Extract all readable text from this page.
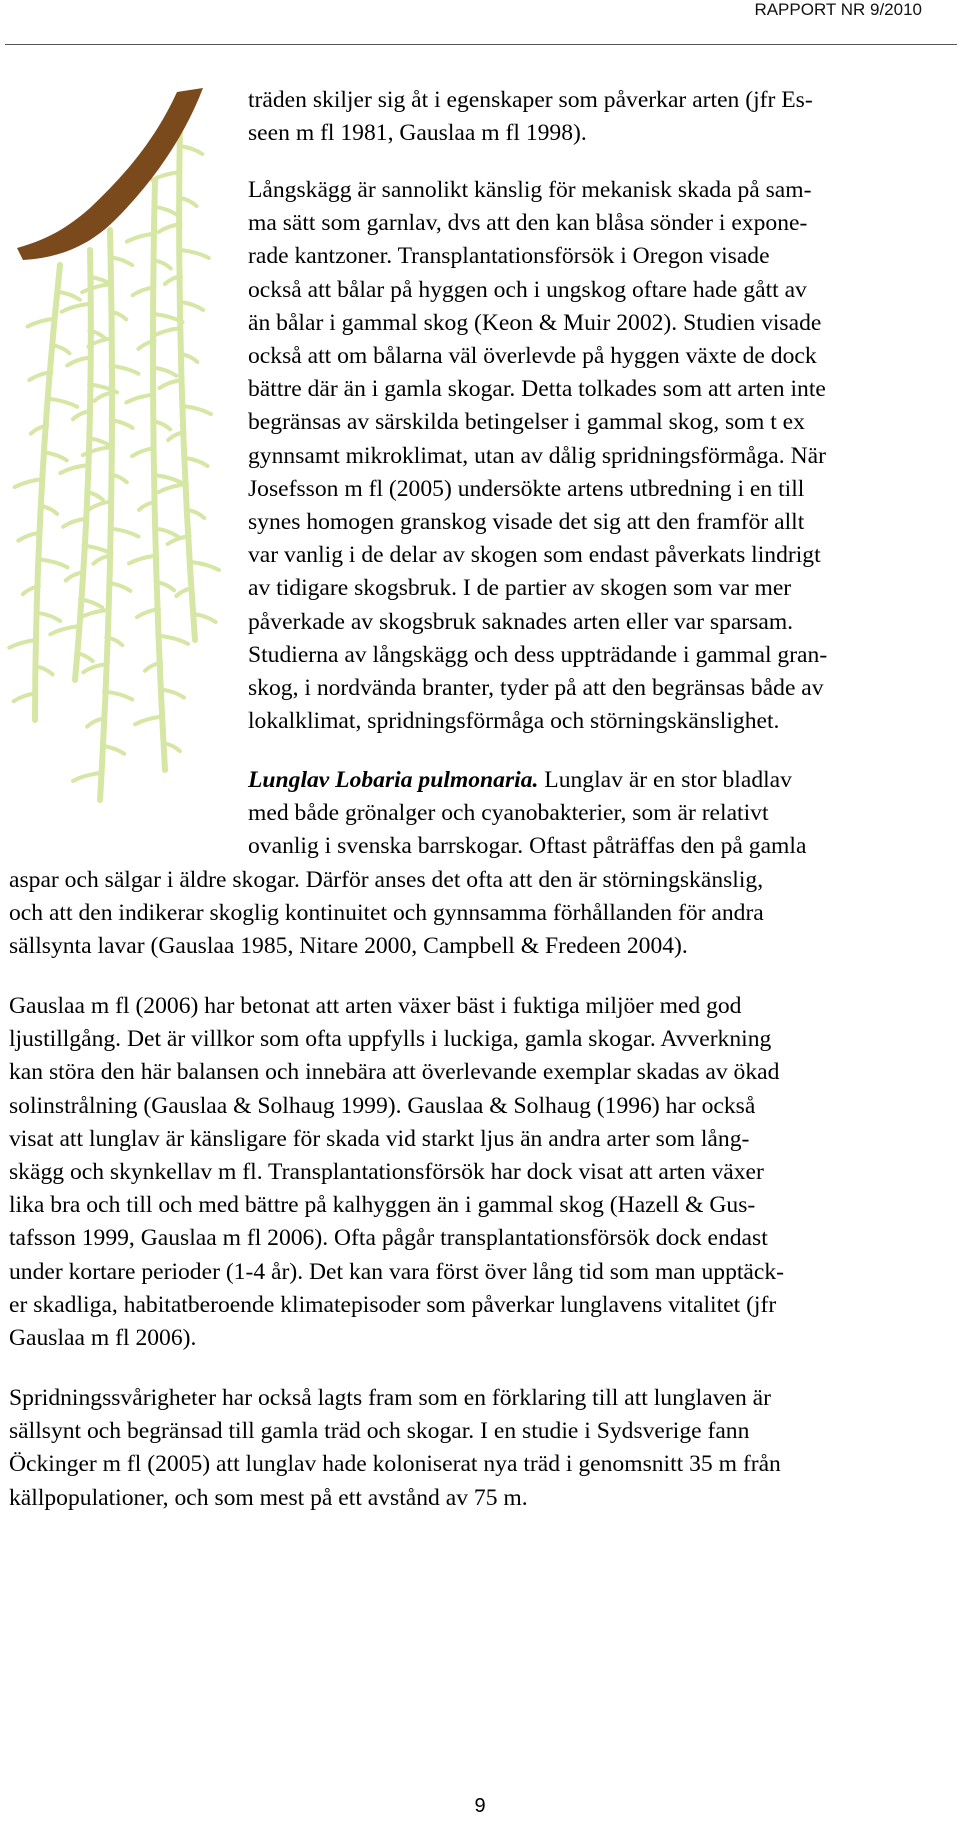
RAPPORT NR 9/2010
träden skiljer sig åt i egenskaper som påverkar arten (jfr Es-
seen m fl 1981, Gauslaa m fl 1998).
Långskägg är sannolikt känslig för mekanisk skada på sam-
ma sätt som garnlav, dvs att den kan blåsa sönder i expone-
rade kantzoner. Transplantationsförsök i Oregon visade
också att bålar på hyggen och i ungskog oftare hade gått av
än bålar i gammal skog (Keon & Muir 2002). Studien visade
också att om bålarna väl överlevde på hyggen växte de dock
bättre där än i gamla skogar. Detta tolkades som att arten inte
begränsas av särskilda betingelser i gammal skog, som t ex
gynnsamt mikroklimat, utan av dålig spridningsförmåga. När
Josefsson m fl (2005) undersökte artens utbredning i en till
synes homogen granskog visade det sig att den framför allt
var vanlig i de delar av skogen som endast påverkats lindrigt
av tidigare skogsbruk. I de partier av skogen som var mer
påverkade av skogsbruk saknades arten eller var sparsam.
Studierna av långskägg och dess uppträdande i gammal gran-
skog, i nordvända branter, tyder på att den begränsas både av
lokalklimat, spridningsförmåga och störningskänslighet.
Lunglav Lobaria pulmonaria. Lunglav är en stor bladlav
med både grönalger och cyanobakterier, som är relativt
ovanlig i svenska barrskogar. Oftast påträffas den på gamla
aspar och sälgar i äldre skogar. Därför anses det ofta att den är störningskänslig,
och att den indikerar skoglig kontinuitet och gynnsamma förhållanden för andra
sällsynta lavar (Gauslaa 1985, Nitare 2000, Campbell & Fredeen 2004).
Gauslaa m fl (2006) har betonat att arten växer bäst i fuktiga miljöer med god
ljustillgång. Det är villkor som ofta uppfylls i luckiga, gamla skogar. Avverkning
kan störa den här balansen och innebära att överlevande exemplar skadas av ökad
solinstrålning (Gauslaa & Solhaug 1999). Gauslaa & Solhaug (1996) har också
visat att lunglav är känsligare för skada vid starkt ljus än andra arter som lång-
skägg och skynkellav m fl. Transplantationsförsök har dock visat att arten växer
lika bra och till och med bättre på kalhyggen än i gammal skog (Hazell & Gus-
tafsson 1999, Gauslaa m fl 2006). Ofta pågår transplantationsförsök dock endast
under kortare perioder (1-4 år). Det kan vara först över lång tid som man upptäck-
er skadliga, habitatberoende klimatepisoder som påverkar lunglavens vitalitet (jfr
Gauslaa m fl 2006).
Spridningssvårigheter har också lagts fram som en förklaring till att lunglaven är
sällsynt och begränsad till gamla träd och skogar. I en studie i Sydsverige fann
Öckinger m fl (2005) att lunglav hade koloniserat nya träd i genomsnitt 35 m från
källpopulationer, och som mest på ett avstånd av 75 m.
9
